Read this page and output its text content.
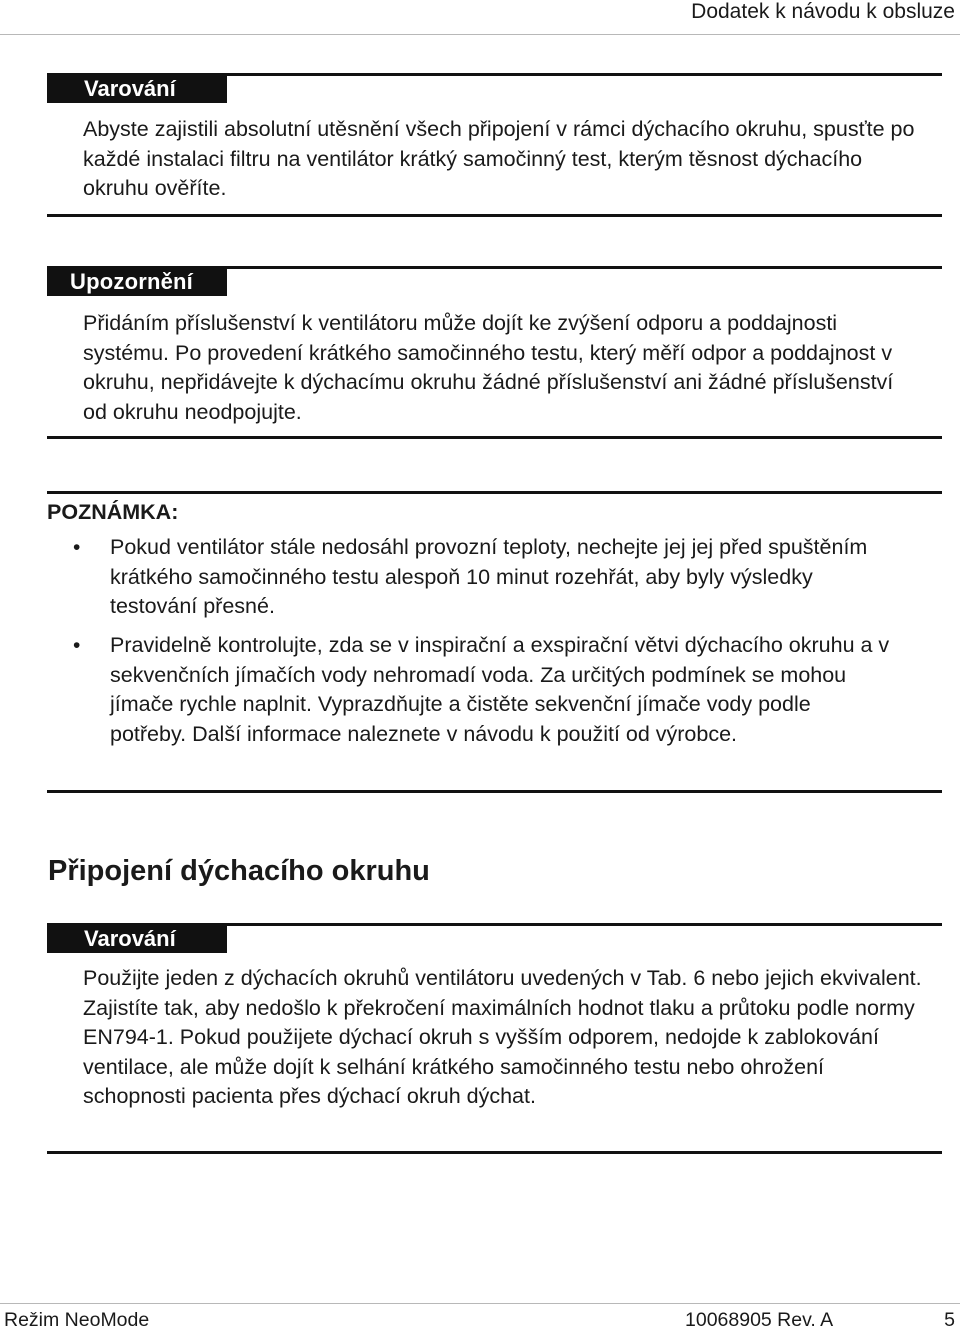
Dodatek k návodu k obsluze
Varování

Abyste zajistili absolutní utěsnění všech připojení v rámci dýchacího okruhu, spusťte po každé instalaci filtru na ventilátor krátký samočinný test, kterým těsnost dýchacího okruhu ověříte.

Upozornění

Přidáním příslušenství k ventilátoru může dojít ke zvýšení odporu a poddajnosti systému. Po provedení krátkého samočinného testu, který měří odpor a poddajnost v okruhu, nepřidávejte k dýchacímu okruhu žádné příslušenství ani žádné příslušenství od okruhu neodpojujte.

POZNÁMKA:
• Pokud ventilátor stále nedosáhl provozní teploty, nechejte jej jej před spuštěním krátkého samočinného testu alespoň 10 minut rozehřát, aby byly výsledky testování přesné.

• Pravidelně kontrolujte, zda se v inspirační a exspirační větvi dýchacího okruhu a v sekvenčních jímačích vody nehromadí voda. Za určitých podmínek se mohou jímače rychle naplnit. Vyprazdňujte a čistěte sekvenční jímače vody podle potřeby. Další informace naleznete v návodu k použití od výrobce.

Připojení dýchacího okruhu
Varování

Použijte jeden z dýchacích okruhů ventilátoru uvedených v Tab. 6 nebo jejich ekvivalent. Zajistíte tak, aby nedošlo k překročení maximálních hodnot tlaku a průtoku podle normy EN794-1. Pokud použijete dýchací okruh s vyšším odporem, nedojde k zablokování ventilace, ale může dojít k selhání krátkého samočinného testu nebo ohrožení schopnosti pacienta přes dýchací okruh dýchat.

Režim NeoMode	10068905 Rev. A	5
